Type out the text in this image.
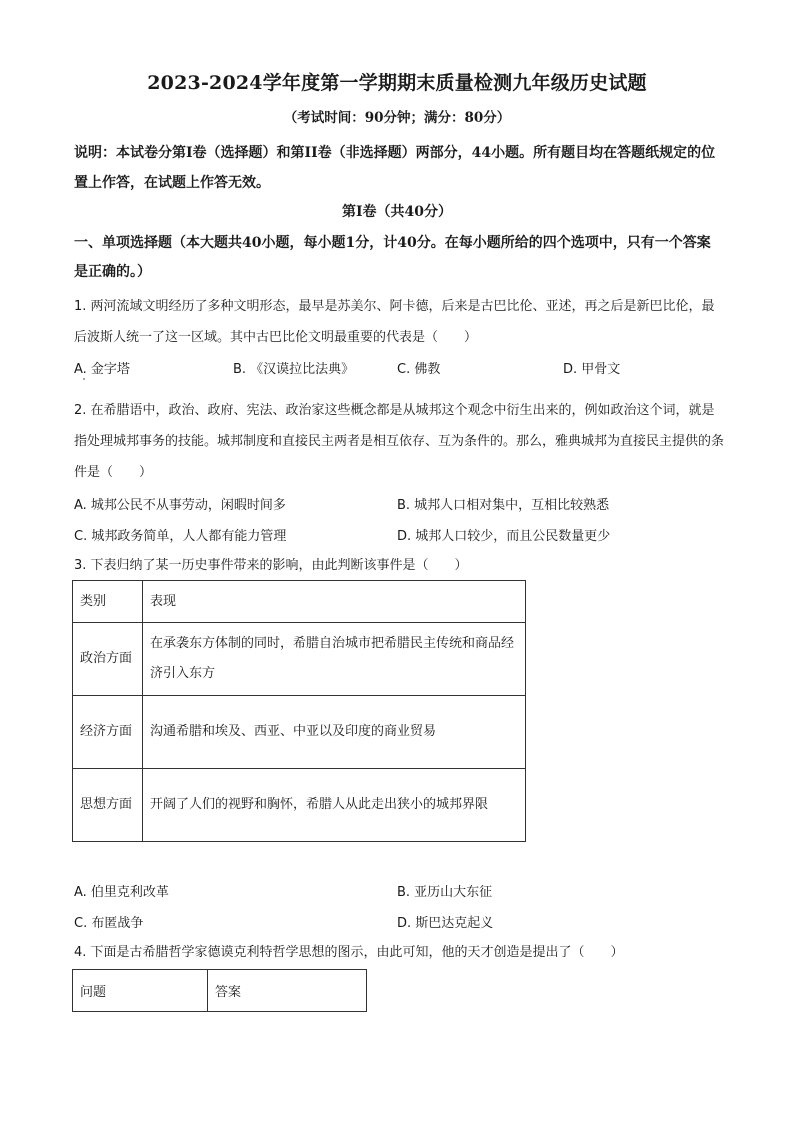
2023-2024学年度第一学期期末质量检测九年级历史试题
（考试时间：90分钟；满分：80分）
说明：本试卷分第Ⅰ卷（选择题）和第II卷（非选择题）两部分，44小题。所有题目均在答题纸规定的位置上作答，在试题上作答无效。
第Ⅰ卷（共40分）
一、单项选择题（本大题共40小题，每小题1分，计40分。在每小题所给的四个选项中，只有一个答案是正确的。）
1. 两河流域文明经历了多种文明形态，最早是苏美尔、阿卡德，后来是古巴比伦、亚述，再之后是新巴比伦，最后波斯人统一了这一区域。其中古巴比伦文明最重要的代表是（　　）
A. 金字塔	B. 《汉谟拉比法典》	C. 佛教	D. 甲骨文
2. 在希腊语中，政治、政府、宪法、政治家这些概念都是从城邦这个观念中衍生出来的，例如政治这个词，就是指处理城邦事务的技能。城邦制度和直接民主两者是相互依存、互为条件的。那么，雅典城邦为直接民主提供的条件是（　　）
A. 城邦公民不从事劳动，闲暇时间多	B. 城邦人口相对集中，互相比较熟悉
C. 城邦政务简单，人人都有能力管理	D. 城邦人口较少，而且公民数量更少
3. 下表归纳了某一历史事件带来的影响，由此判断该事件是（　　）
类别	表现
政治方面	在承袭东方体制的同时，希腊自治城市把希腊民主传统和商品经济引入东方
经济方面	沟通希腊和埃及、西亚、中亚以及印度的商业贸易
思想方面	开阔了人们的视野和胸怀，希腊人从此走出狭小的城邦界限
A. 伯里克利改革	B. 亚历山大东征
C. 布匿战争	D. 斯巴达克起义
4. 下面是古希腊哲学家德谟克利特哲学思想的图示，由此可知，他的天才创造是提出了（　　）
问题	答案
